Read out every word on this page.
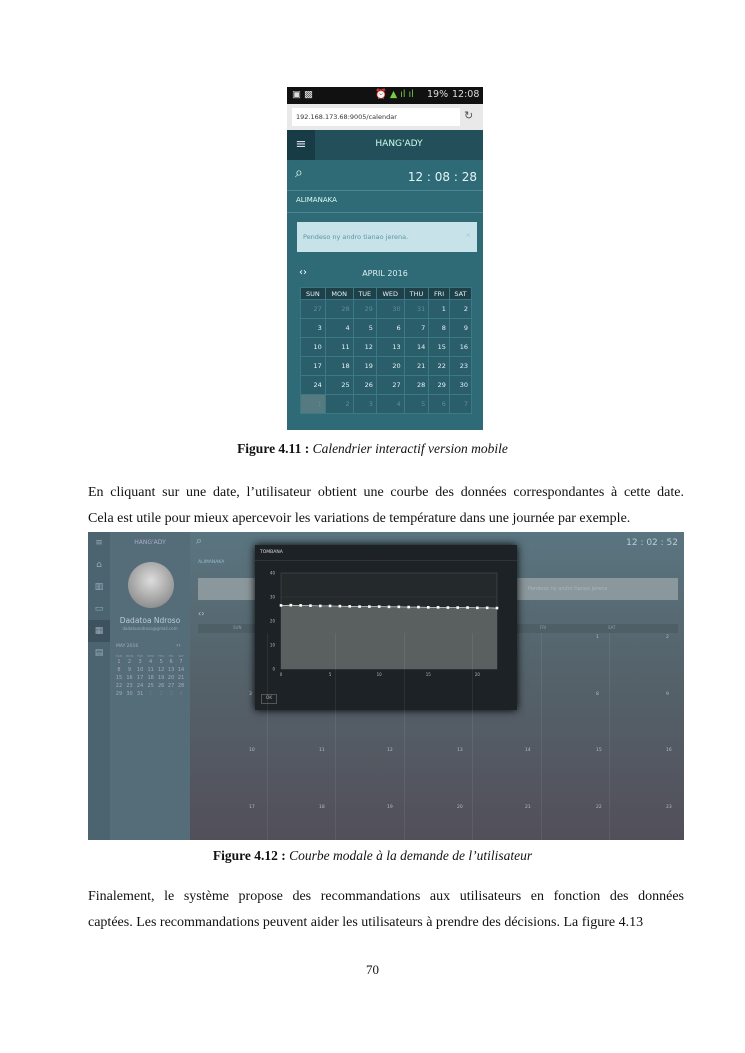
▣ ▩	⏰ ▲ ıl ıl 19% 12:08
192.168.173.68:9005/calendar	↻
≡	HANG'ADY
⌕	12 : 08 : 28
ALIMANAKA
Pendeso ny andro tianao jerena.	×
‹›	APRIL 2016
SUN	MON	TUE	WED	THU	FRI	SAT
27	28	29	30	31	1	2
3	4	5	6	7	8	9
10	11	12	13	14	15	16
17	18	19	20	21	22	23
24	25	26	27	28	29	30
1	2	3	4	5	6	7
Figure 4.11 : Calendrier interactif version mobile
En cliquant sur une date, l’utilisateur obtient une courbe des données correspondantes à cette date.
Cela est utile pour mieux apercevoir les variations de température dans une journée par exemple.
≡
⌂
▥
▭
▦
▤
HANG'ADY
Dadatoa Ndroso
dadatoandroso@gmail.com
MAY 2016	‹›
SUN	MON	TUE	WED	THU	FRI	SAT
1	2	3	4	5	6	7
8	9	10	11	12	13	14
15	16	17	18	19	20	21
22	23	24	25	26	27	28
29	30	31	1	2	3	4
⌕	12 : 02 : 52
ALIMANAKA
Pendeso ny andro tianao jerena.
‹›
SUN	FRI	SAT
TOMBANA
0
10
20
30
40
0	5	10	15	20
OK
1	2
3	8	9
10	11	12	13	14	15	16
17	18	19	20	21	22	23
Figure 4.12 : Courbe modale à la demande de l’utilisateur
Finalement, le système propose des recommandations aux utilisateurs en fonction des données
captées. Les recommandations peuvent aider les utilisateurs à prendre des décisions. La figure 4.13
70
